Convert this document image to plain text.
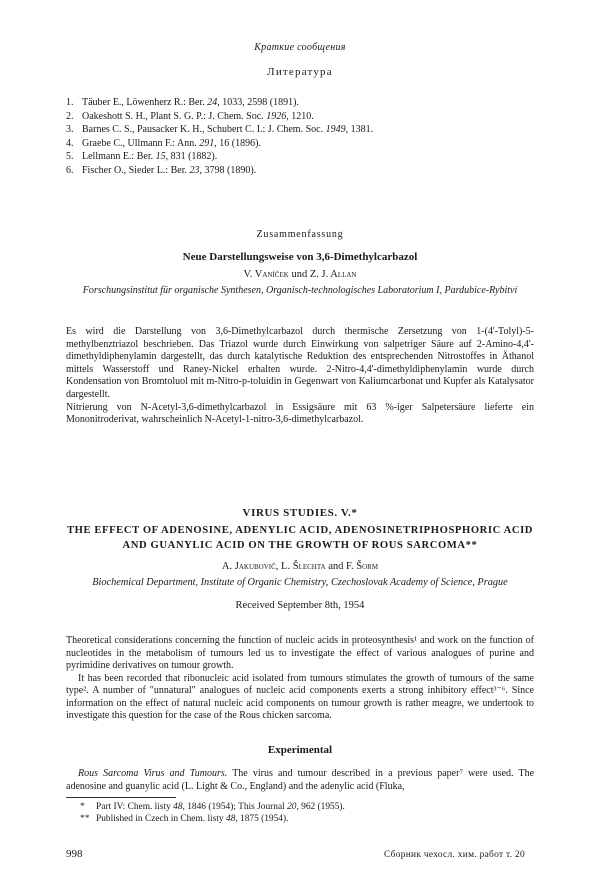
Краткие сообщения
Литература
1. Täuber E., Löwenherz R.: Ber. 24, 1033, 2598 (1891).
2. Oakeshott S. H., Plant S. G. P.: J. Chem. Soc. 1926, 1210.
3. Barnes C. S., Pausacker K. H., Schubert C. I.: J. Chem. Soc. 1949, 1381.
4. Graebe C., Ullmann F.: Ann. 291, 16 (1896).
5. Lellmann E.: Ber. 15, 831 (1882).
6. Fischer O., Sieder L.: Ber. 23, 3798 (1890).
Zusammenfassung
Neue Darstellungsweise von 3,6-Dimethylcarbazol
V. Vaníček und Z. J. Allan
Forschungsinstitut für organische Synthesen, Organisch-technologisches Laboratorium I, Pardubice-Rybitví

Es wird die Darstellung von 3,6-Dimethylcarbazol durch thermische Zersetzung von 1-(4'-Tolyl)-5-methylbenztriazol beschrieben. Das Triazol wurde durch Einwirkung von salpetriger Säure auf 2-Amino-4,4'-dimethyldiphenylamin dargestellt, das durch katalytische Reduktion des entsprechenden Nitrostoffes in Äthanol mittels Wasserstoff und Raney-Nickel erhalten wurde. 2-Nitro-4,4'-dimethyldiphenylamin wurde durch Kondensation von Bromtoluol mit m-Nitro-p-toluidin in Gegenwart von Kaliumcarbonat und Kupfer als Katalysator dargestellt.

Nitrierung von N-Acetyl-3,6-dimethylcarbazol in Essigsäure mit 63 %-iger Salpetersäure lieferte ein Mononitroderivat, wahrscheinlich N-Acetyl-1-nitro-3,6-dimethylcarbazol.

VIRUS STUDIES. V.*
THE EFFECT OF ADENOSINE, ADENYLIC ACID, ADENOSINETRIPHOSPHORIC ACID AND GUANYLIC ACID ON THE GROWTH OF ROUS SARCOMA**
A. Jakubovič, L. Šlechta and F. Šorm
Biochemical Department, Institute of Organic Chemistry, Czechoslovak Academy of Science, Prague
Received September 8th, 1954

Theoretical considerations concerning the function of nucleic acids in proteosynthesis¹ and work on the function of nucleotides in the metabolism of tumours led us to investigate the effect of various analogues of purine and pyrimidine derivatives on tumour growth.

It has been recorded that ribonucleic acid isolated from tumours stimulates the growth of tumours of the same type². A number of "unnatural" analogues of nucleic acid components exerts a strong inhibitory effect³⁻⁶. Since information on the effect of natural nucleic acid components on tumour growth is rather meagre, we undertook to investigate this question for the case of the Rous chicken sarcoma.

Experimental
Rous Sarcoma Virus and Tumours. The virus and tumour described in a previous paper⁷ were used. The adenosine and guanylic acid (L. Light & Co., England) and the adenylic acid (Fluka,
* Part IV: Chem. listy 48, 1846 (1954); This Journal 20, 962 (1955).
** Published in Czech in Chem. listy 48, 1875 (1954).
998	Сборник чехосл. хим. работ т. 20
